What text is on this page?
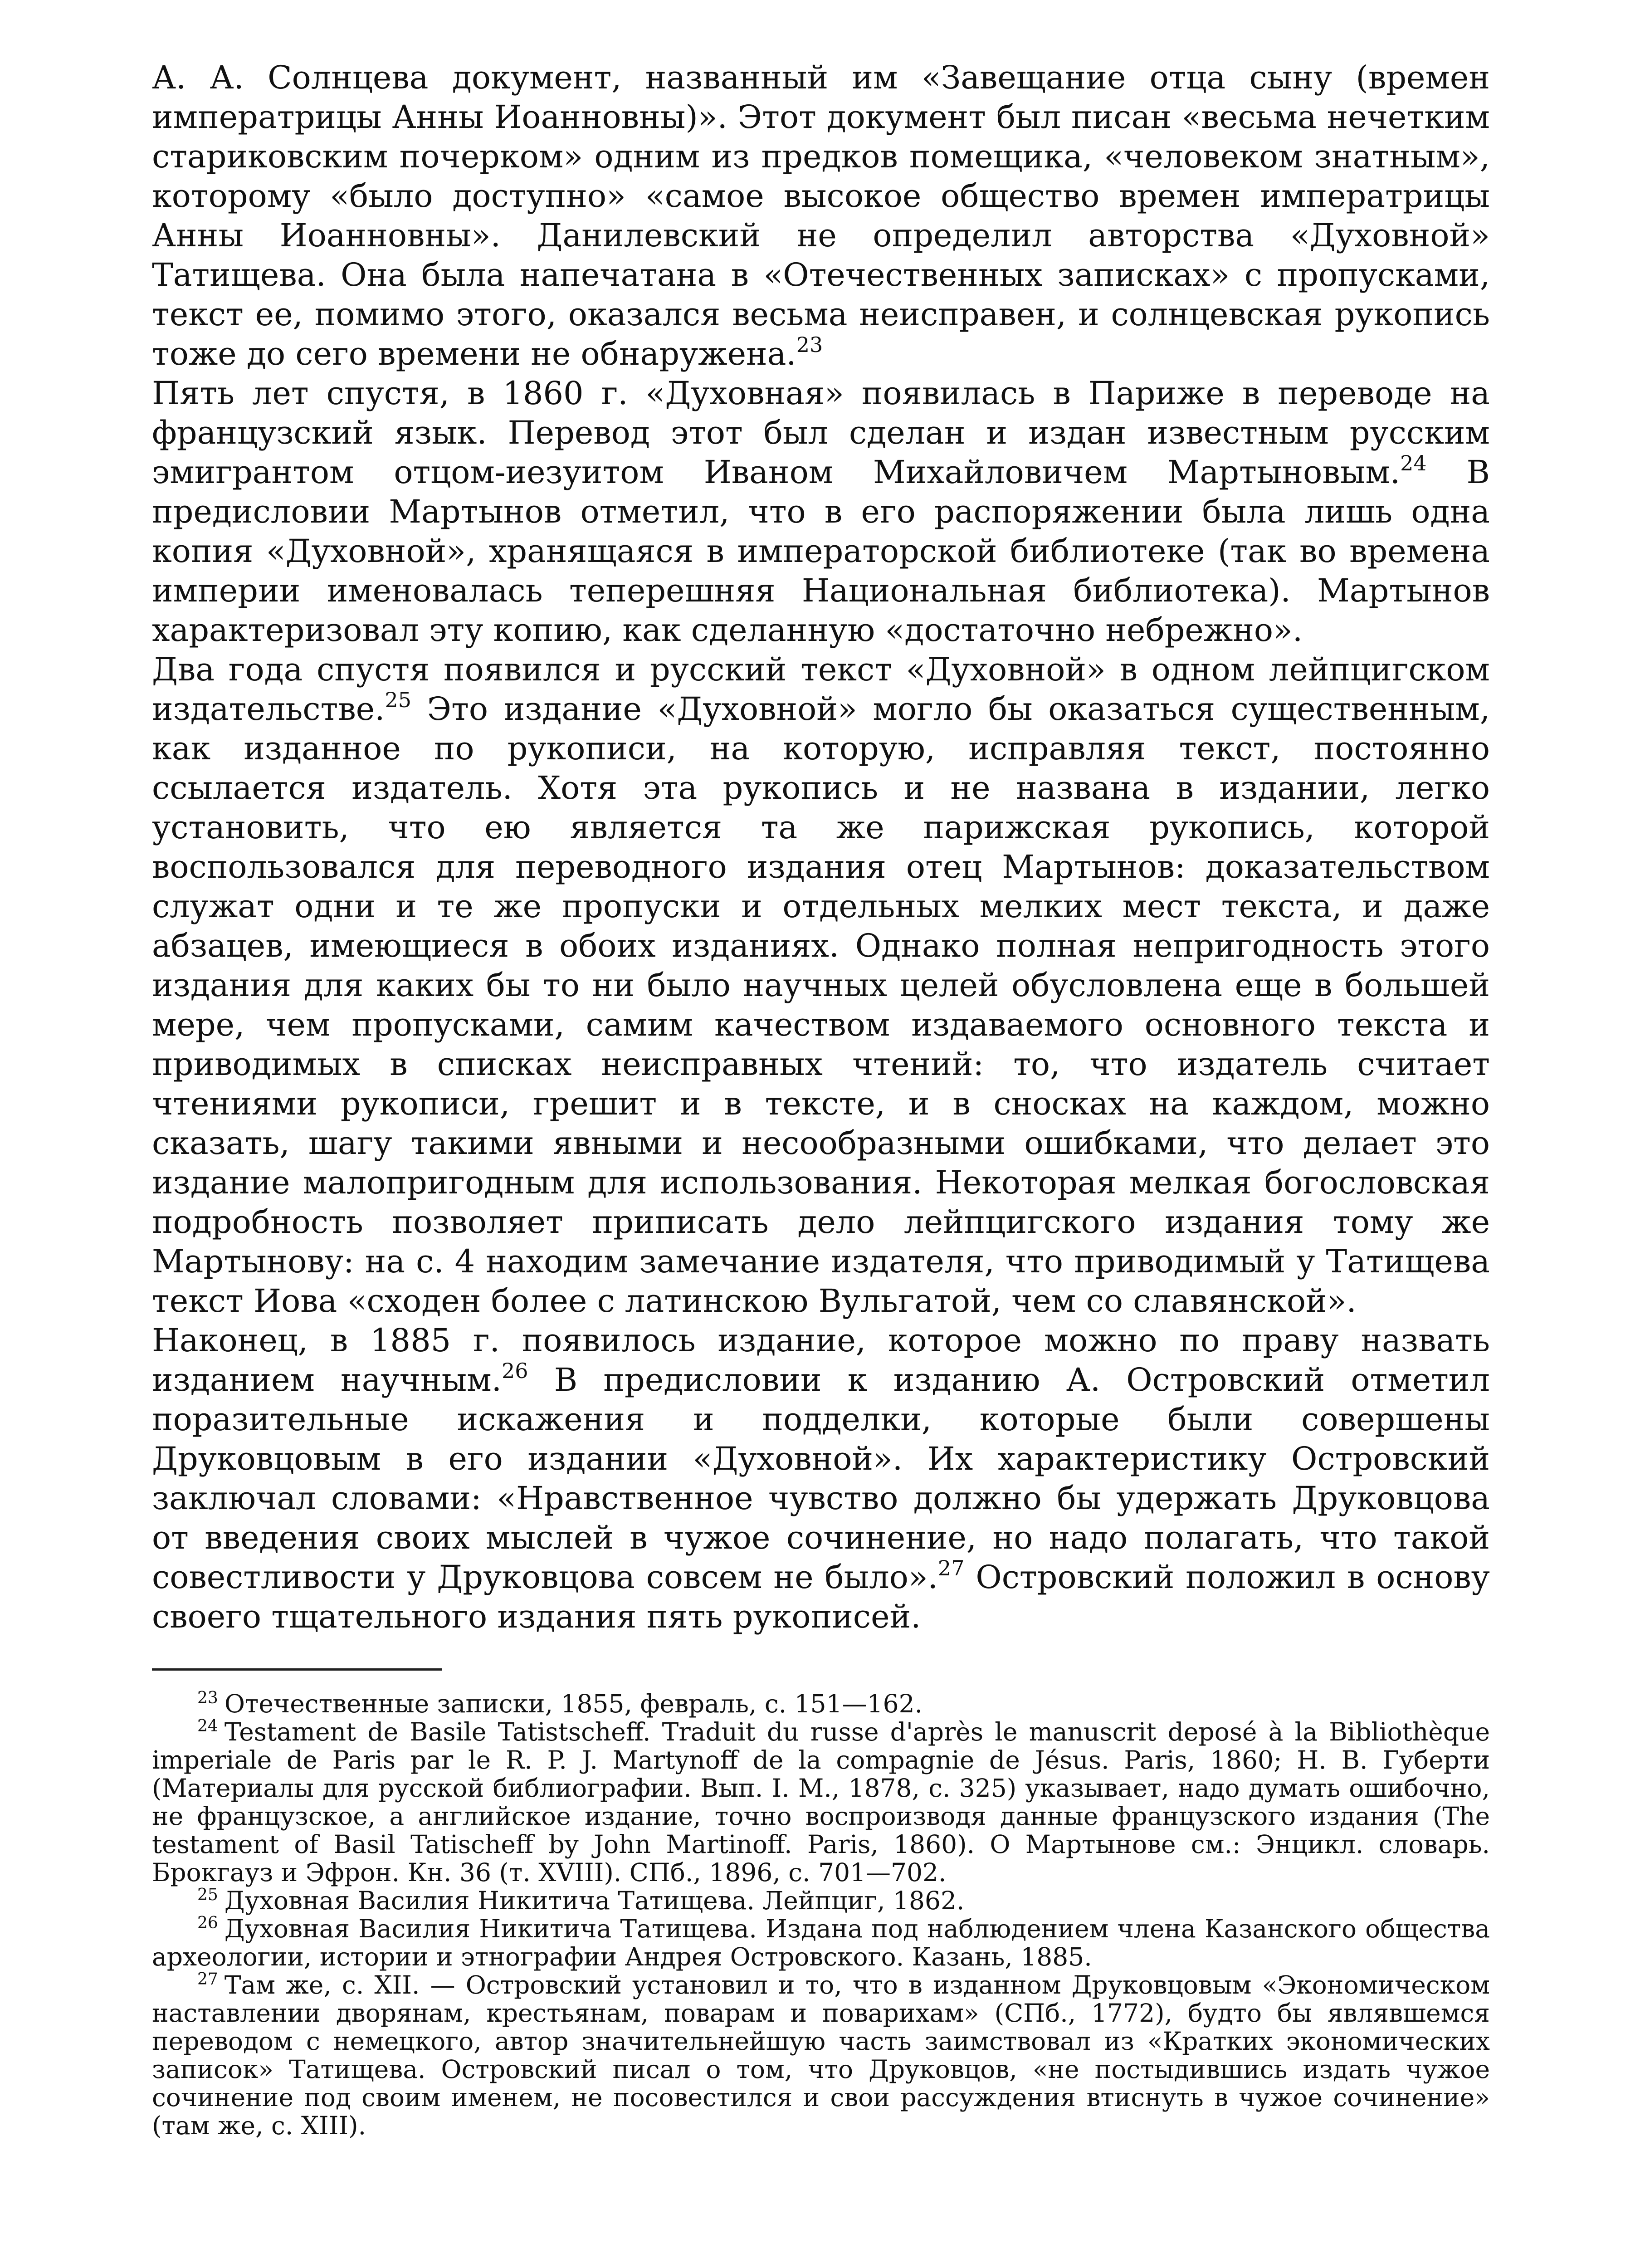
А. А. Солнцева документ, названный им «Завещание отца сыну (времен императрицы Анны Иоанновны)». Этот документ был писан «весьма нечетким стариковским почерком» одним из предков помещика, «человеком знатным», которому «было доступно» «самое высокое общество времен императрицы Анны Иоанновны». Данилевский не определил авторства «Духовной» Татищева. Она была напечатана в «Отечественных записках» с пропусками, текст ее, помимо этого, оказался весьма неисправен, и солнцевская рукопись тоже до сего времени не обнаружена.$^{23}$

Пять лет спустя, в 1860 г. «Духовная» появилась в Париже в переводе на французский язык. Перевод этот был сделан и издан известным русским эмигрантом отцом-иезуитом Иваном Михайловичем Мартыновым.$^{24}$ В предисловии Мартынов отметил, что в его распоряжении была лишь одна копия «Духовной», хранящаяся в императорской библиотеке (так во времена империи именовалась теперешняя Национальная библиотека). Мартынов характеризовал эту копию, как сделанную «достаточно небрежно».

Два года спустя появился и русский текст «Духовной» в одном лейпцигском издательстве.$^{25}$ Это издание «Духовной» могло бы оказаться существенным, как изданное по рукописи, на которую, исправляя текст, постоянно ссылается издатель. Хотя эта рукопись и не названа в издании, легко установить, что ею является та же парижская рукопись, которой воспользовался для переводного издания отец Мартынов: доказательством служат одни и те же пропуски и отдельных мелких мест текста, и даже абзацев, имеющиеся в обоих изданиях. Однако полная непригодность этого издания для каких бы то ни было научных целей обусловлена еще в большей мере, чем пропусками, самим качеством издаваемого основного текста и приводимых в списках неисправных чтений: то, что издатель считает чтениями рукописи, грешит и в тексте, и в сносках на каждом, можно сказать, шагу такими явными и несообразными ошибками, что делает это издание малопригодным для использования. Некоторая мелкая богословская подробность позволяет приписать дело лейпцигского издания тому же Мартынову: на с. 4 находим замечание издателя, что приводимый у Татищева текст Иова «сходен более с латинскою Вульгатой, чем со славянской».

Наконец, в 1885 г. появилось издание, которое можно по праву назвать изданием научным.$^{26}$ В предисловии к изданию А. Островский отметил поразительные искажения и подделки, которые были совершены Друковцовым в его издании «Духовной». Их характеристику Островский заключал словами: «Нравственное чувство должно бы удержать Друковцова от введения своих мыслей в чужое сочинение, но надо полагать, что такой совестливости у Друковцова совсем не было».$^{27}$ Островский положил в основу своего тщательного издания пять рукописей.

$^{23}$ Отечественные записки, 1855, февраль, с. 151—162.

$^{24}$ Testament de Basile Tatistscheff. Traduit du russe d'après le manuscrit deposé à la Bibliothèque imperiale de Paris par le R. P. J. Martynoff de la compagnie de Jésus. Paris, 1860; Н. В. Губерти (Материалы для русской библиографии. Вып. I. М., 1878, с. 325) указывает, надо думать ошибочно, не французское, а английское издание, точно воспроизводя данные французского издания (The testament of Basil Tatischeff by John Martinoff. Paris, 1860). О Мартынове см.: Энцикл. словарь. Брокгауз и Эфрон. Кн. 36 (т. XVIII). СПб., 1896, с. 701—702.

$^{25}$ Духовная Василия Никитича Татищева. Лейпциг, 1862.

$^{26}$ Духовная Василия Никитича Татищева. Издана под наблюдением члена Казанского общества археологии, истории и этнографии Андрея Островского. Казань, 1885.

$^{27}$ Там же, с. XII. — Островский установил и то, что в изданном Друковцовым «Экономическом наставлении дворянам, крестьянам, поварам и поварихам» (СПб., 1772), будто бы являвшемся переводом с немецкого, автор значительнейшую часть заимствовал из «Кратких экономических записок» Татищева. Островский писал о том, что Друковцов, «не постыдившись издать чужое сочинение под своим именем, не посовестился и свои рассуждения втиснуть в чужое сочинение» (там же, с. XIII).
